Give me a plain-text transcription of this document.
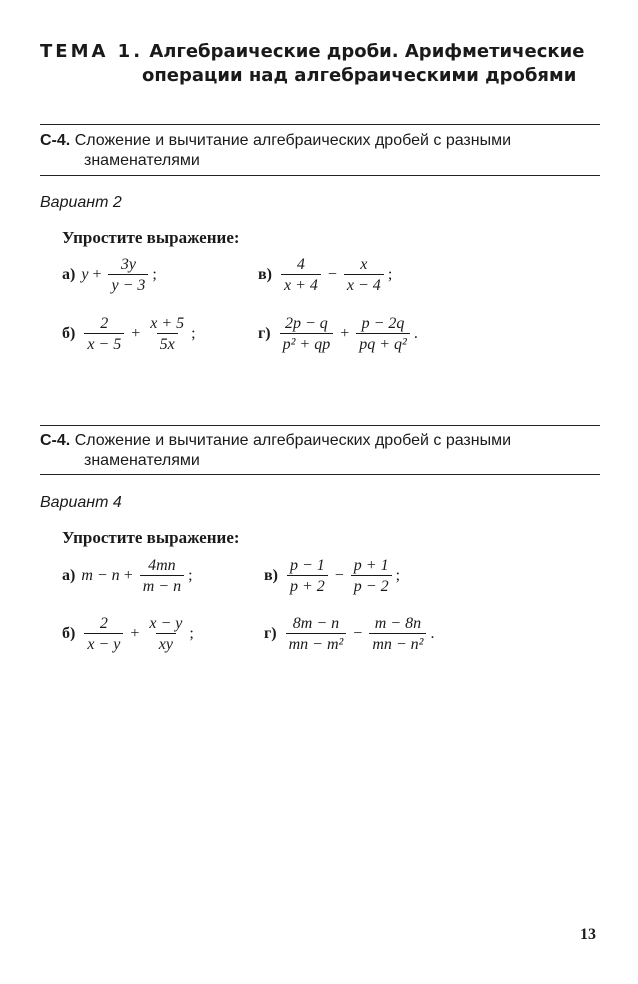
ТЕМА 1. Алгебраические дроби. Арифметические
операции над алгебраическими дробями
С-4. Сложение и вычитание алгебраических дробей с разными
знаменателями
Вариант 2
Упростите выражение:
а) $y + \frac{3y}{y - 3}$ ;	$в) \frac{4}{x + 4} - \frac{x}{x - 4}$ ;
$б) \frac{2}{x - 5} + \frac{x + 5}{5x}$ ;	$г) \frac{2p - q}{\text{p² + qp}} + \frac{p - 2q}{\text{pq + q²}}$ .
С-4. Сложение и вычитание алгебраических дробей с разными
знаменателями
Вариант 4
Упростите выражение:
а) $m - n + \frac{4mn}{m - n}$ ;	$в) \frac{p - 1}{p + 2} - \frac{p + 1}{p - 2}$ ;
$б) \frac{2}{x - y} + \frac{x - y}{xy}$ ;	$г) \frac{8m - n}{\text{mn − m²}} - \frac{m - 8n}{\text{mn − n²}}$ .
13
